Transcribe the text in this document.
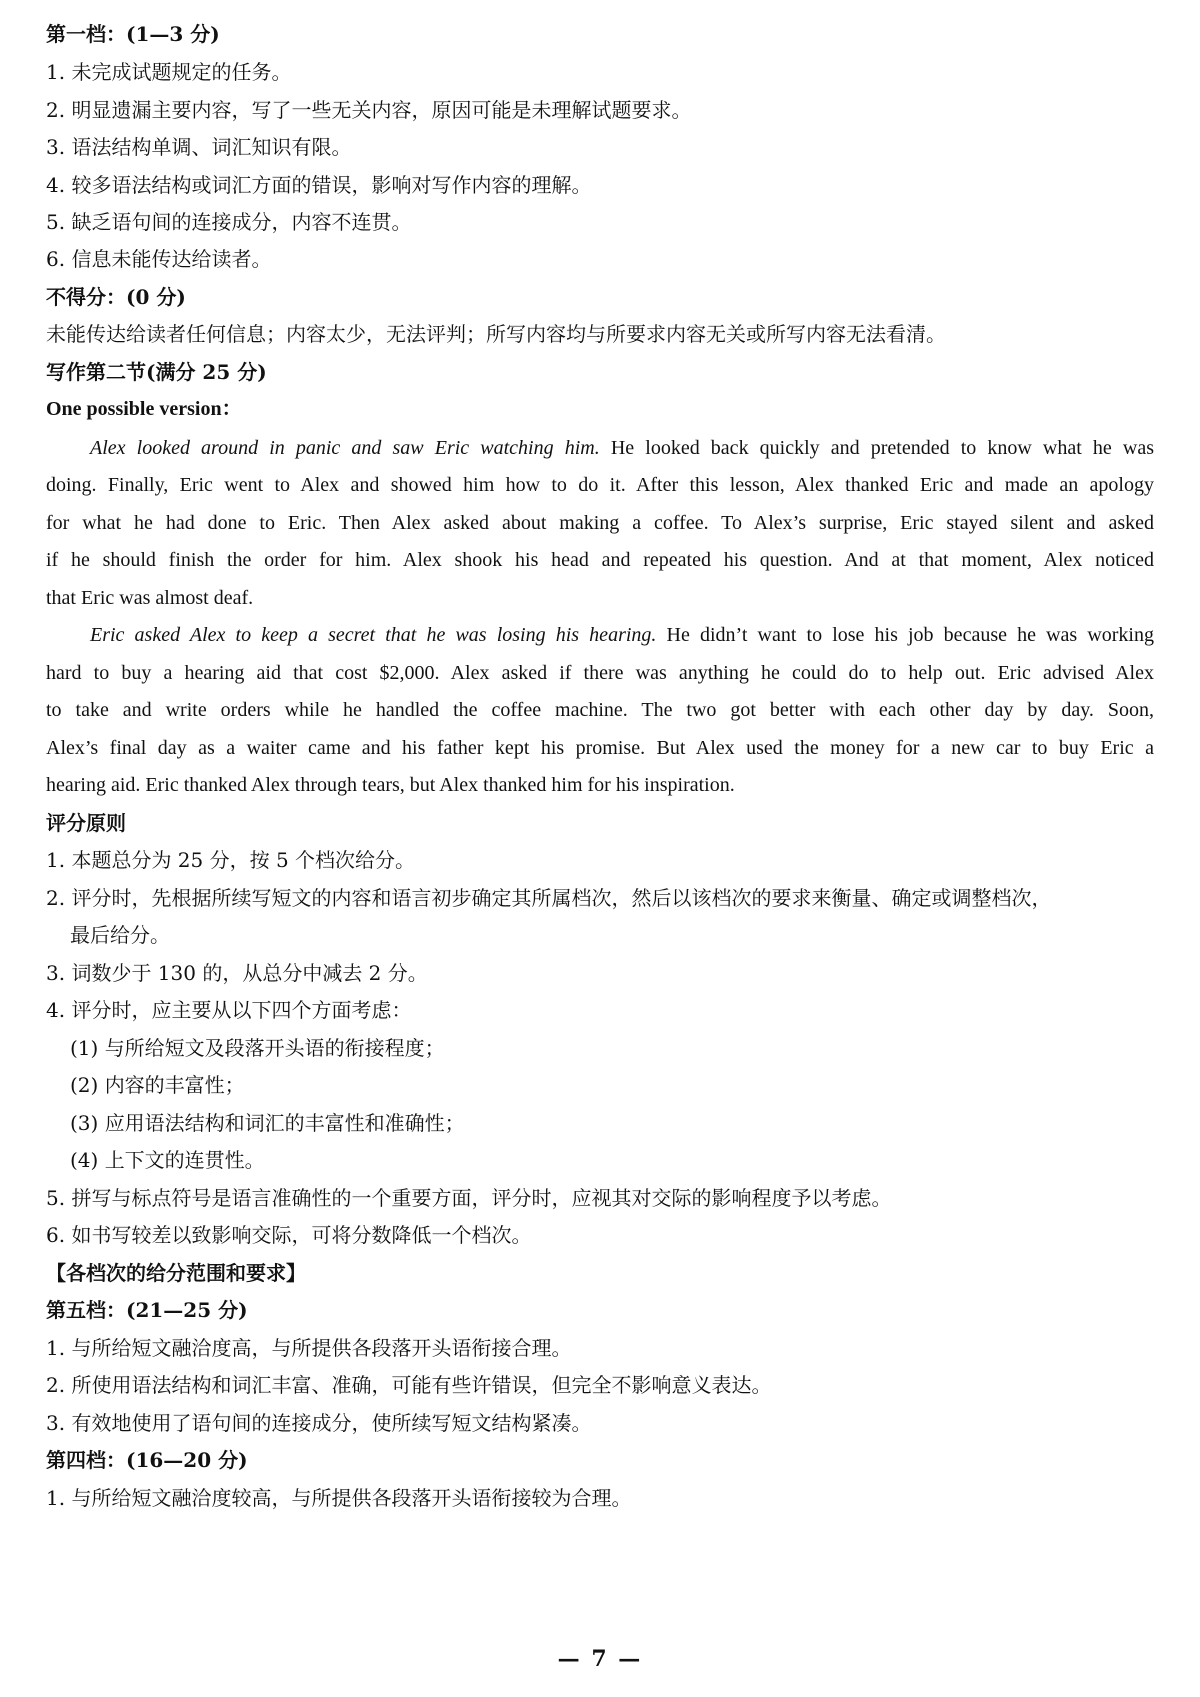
第一档：(1—3 分)
1. 未完成试题规定的任务。
2. 明显遗漏主要内容，写了一些无关内容，原因可能是未理解试题要求。
3. 语法结构单调、词汇知识有限。
4. 较多语法结构或词汇方面的错误，影响对写作内容的理解。
5. 缺乏语句间的连接成分，内容不连贯。
6. 信息未能传达给读者。
不得分：(0 分)
未能传达给读者任何信息；内容太少，无法评判；所写内容均与所要求内容无关或所写内容无法看清。
写作第二节(满分 25 分)
One possible version：
Alex looked around in panic and saw Eric watching him. He looked back quickly and pretended to know what he was
doing. Finally, Eric went to Alex and showed him how to do it. After this lesson, Alex thanked Eric and made an apology
for what he had done to Eric. Then Alex asked about making a coffee. To Alex’s surprise, Eric stayed silent and asked
if he should finish the order for him. Alex shook his head and repeated his question. And at that moment, Alex noticed
that Eric was almost deaf.
Eric asked Alex to keep a secret that he was losing his hearing. He didn’t want to lose his job because he was working
hard to buy a hearing aid that cost $2,000. Alex asked if there was anything he could do to help out. Eric advised Alex
to take and write orders while he handled the coffee machine. The two got better with each other day by day. Soon,
Alex’s final day as a waiter came and his father kept his promise. But Alex used the money for a new car to buy Eric a
hearing aid. Eric thanked Alex through tears, but Alex thanked him for his inspiration.
评分原则
1. 本题总分为 25 分，按 5 个档次给分。
2. 评分时，先根据所续写短文的内容和语言初步确定其所属档次，然后以该档次的要求来衡量、确定或调整档次，
最后给分。
3. 词数少于 130 的，从总分中减去 2 分。
4. 评分时，应主要从以下四个方面考虑：
(1) 与所给短文及段落开头语的衔接程度；
(2) 内容的丰富性；
(3) 应用语法结构和词汇的丰富性和准确性；
(4) 上下文的连贯性。
5. 拼写与标点符号是语言准确性的一个重要方面，评分时，应视其对交际的影响程度予以考虑。
6. 如书写较差以致影响交际，可将分数降低一个档次。
【各档次的给分范围和要求】
第五档：(21—25 分)
1. 与所给短文融洽度高，与所提供各段落开头语衔接合理。
2. 所使用语法结构和词汇丰富、准确，可能有些许错误，但完全不影响意义表达。
3. 有效地使用了语句间的连接成分，使所续写短文结构紧凑。
第四档：(16—20 分)
1. 与所给短文融洽度较高，与所提供各段落开头语衔接较为合理。
— 7 —
